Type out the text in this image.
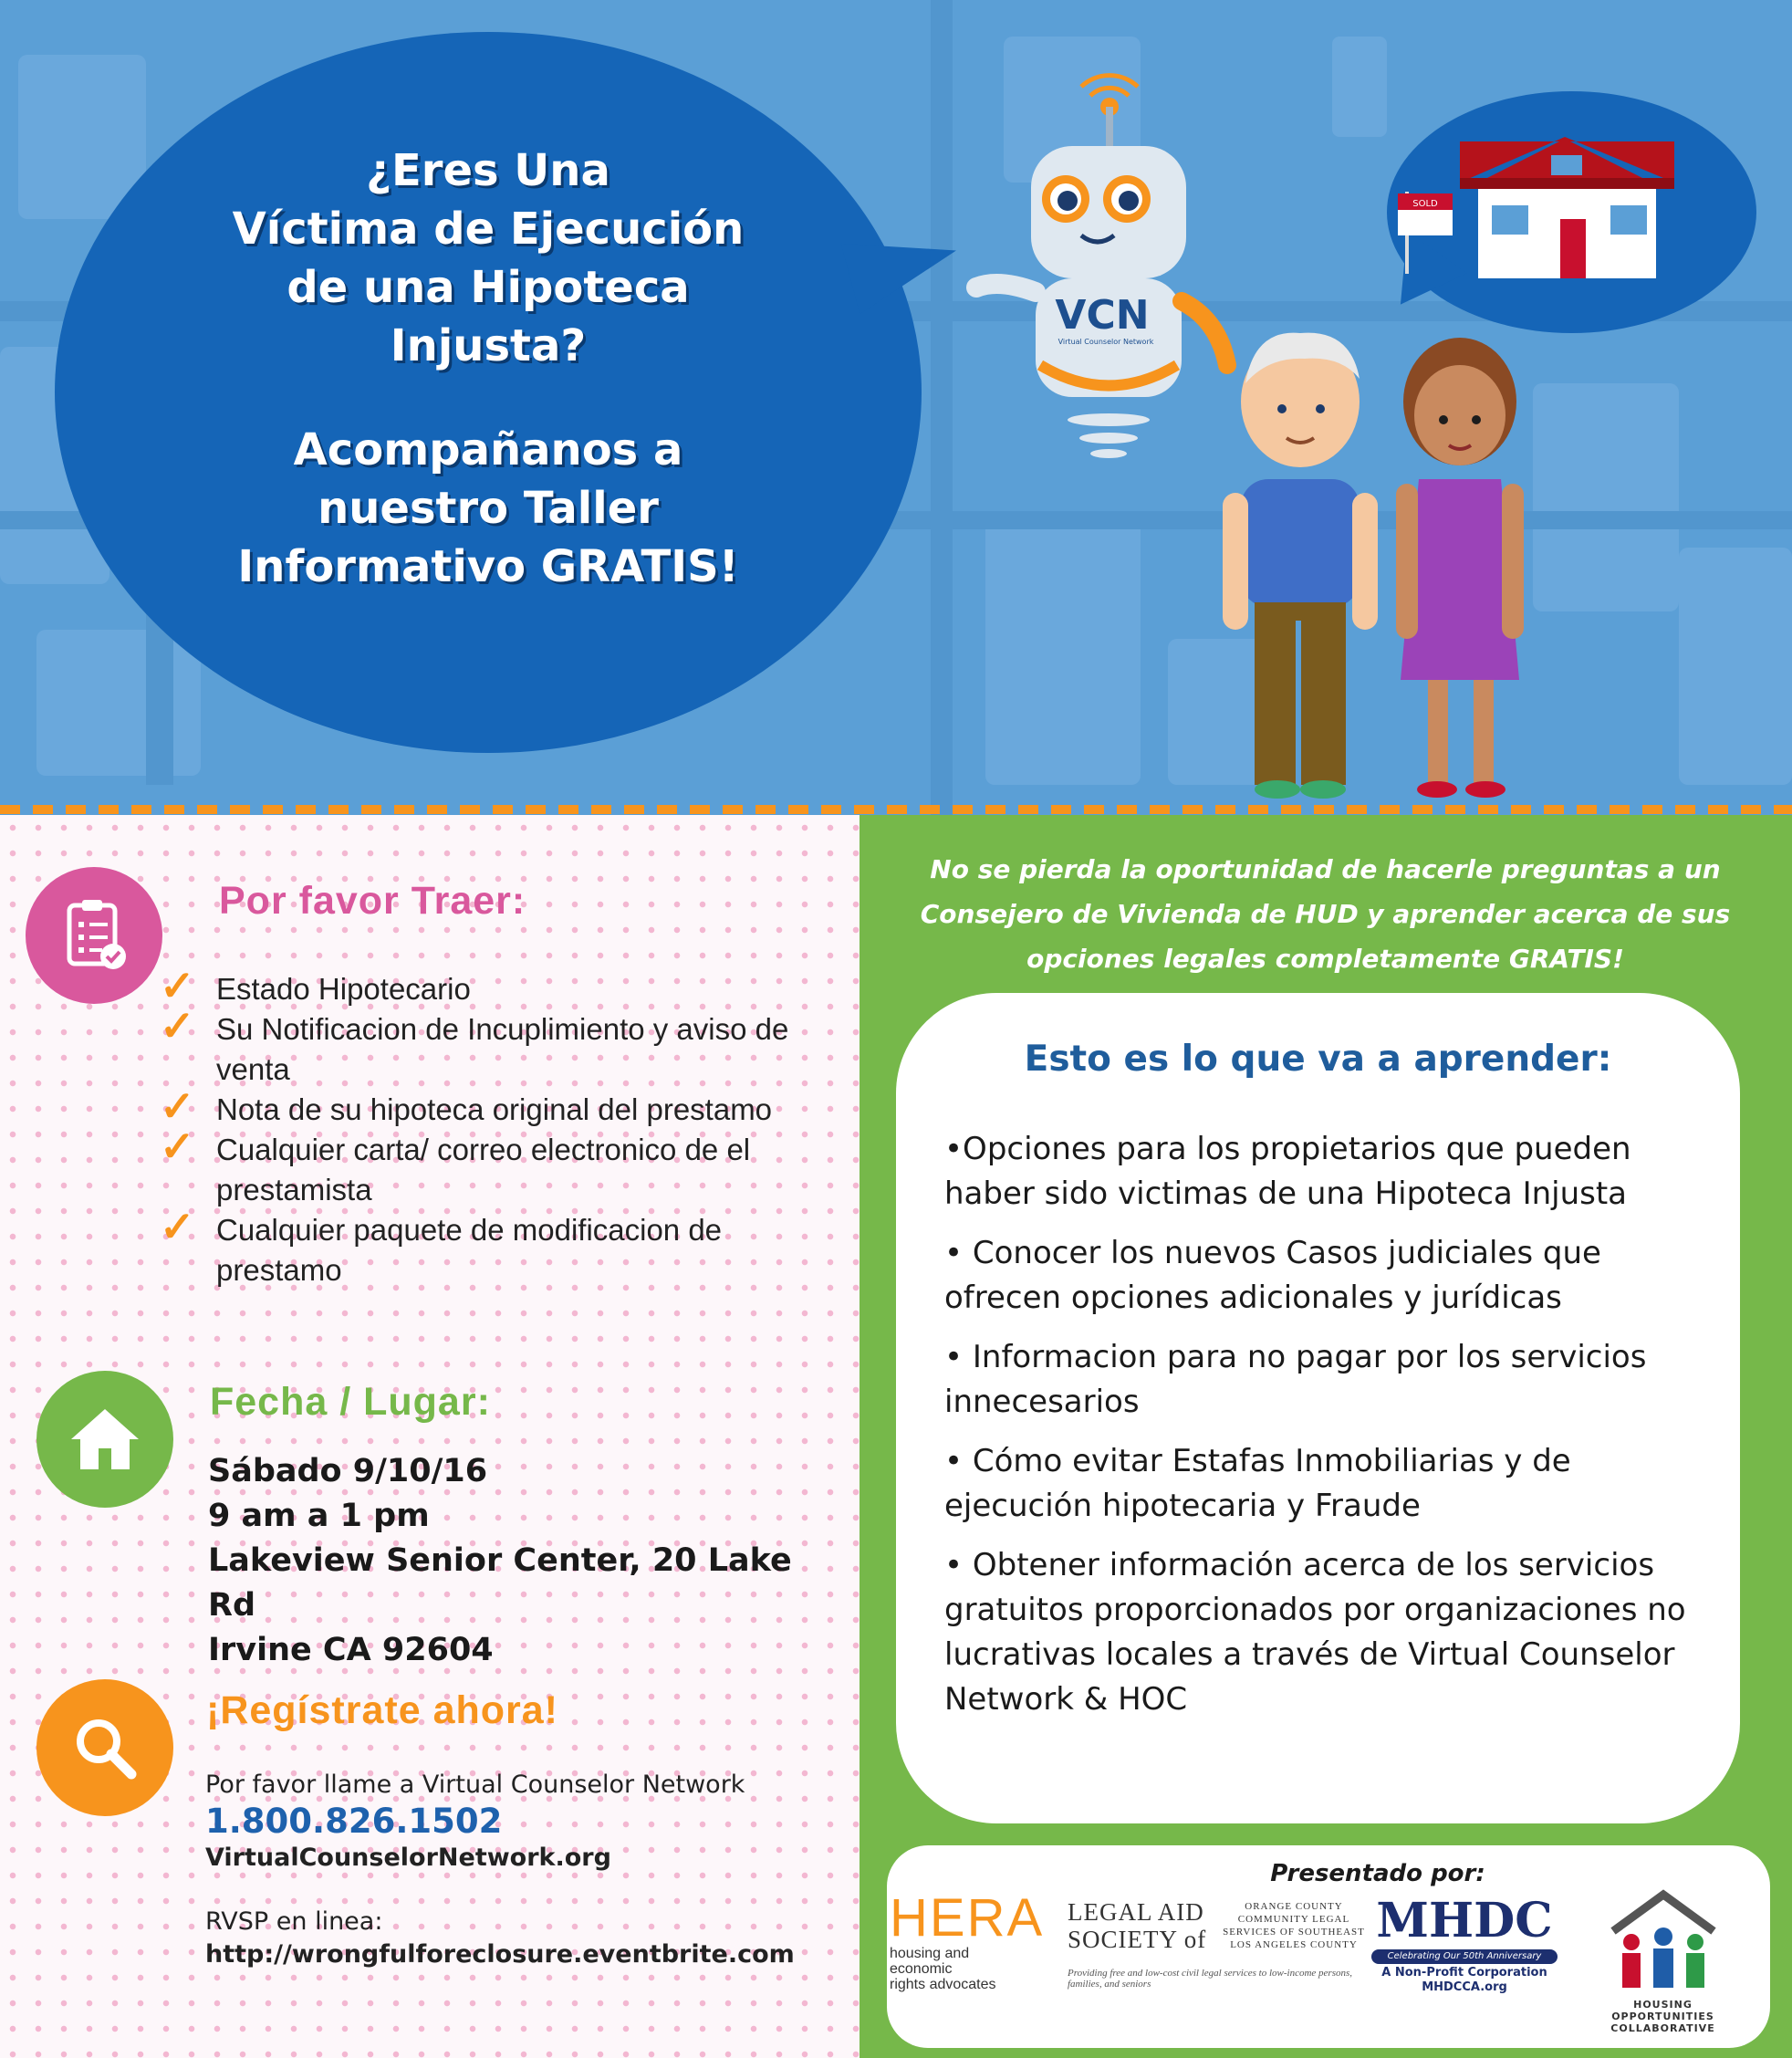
¿Eres Una
Víctima de Ejecución
de una Hipoteca
Injusta?
Acompañanos a
nuestro Taller
Informativo GRATIS!
VCN
Virtual Counselor Network
SOLD
Por favor Traer:
✓ Estado Hipotecario
✓ Su Notificacion de Incuplimiento y aviso de venta
✓ Nota de su hipoteca original del prestamo
✓ Cualquier carta/ correo electronico de el prestamista
✓ Cualquier paquete de modificacion de prestamo
Fecha / Lugar:
Sábado 9/10/16
9 am a 1 pm
Lakeview Senior Center, 20 Lake Rd
Irvine CA 92604
¡Regístrate ahora!
Por favor llame a Virtual Counselor Network
1.800.826.1502
VirtualCounselorNetwork.org
RVSP en linea:
http://wrongfulforeclosure.eventbrite.com
No se pierda la oportunidad de hacerle preguntas a un
Consejero de Vivienda de HUD y aprender acerca de sus
opciones legales completamente GRATIS!
Esto es lo que va a aprender:
•Opciones para los propietarios que pueden haber sido victimas de una Hipoteca Injusta
• Conocer los nuevos Casos judiciales que ofrecen opciones adicionales y jurídicas
• Informacion para no pagar por los servicios innecesarios
• Cómo evitar Estafas Inmobiliarias y de ejecución hipotecaria y Fraude
• Obtener información acerca de los servicios gratuitos proporcionados por organizaciones no lucrativas locales a través de Virtual Counselor Network & HOC
Presentado por:
HERA
housing and
economic
rights advocates
LEGAL AID
SOCIETY of
ORANGE COUNTY COMMUNITY LEGAL SERVICES OF SOUTHEAST LOS ANGELES COUNTY
Providing free and low-cost civil legal services to low-income persons, families, and seniors
MHDC
Celebrating Our 50th Anniversary
A Non-Profit Corporation
MHDCCA.org
HOUSING OPPORTUNITIES COLLABORATIVE
